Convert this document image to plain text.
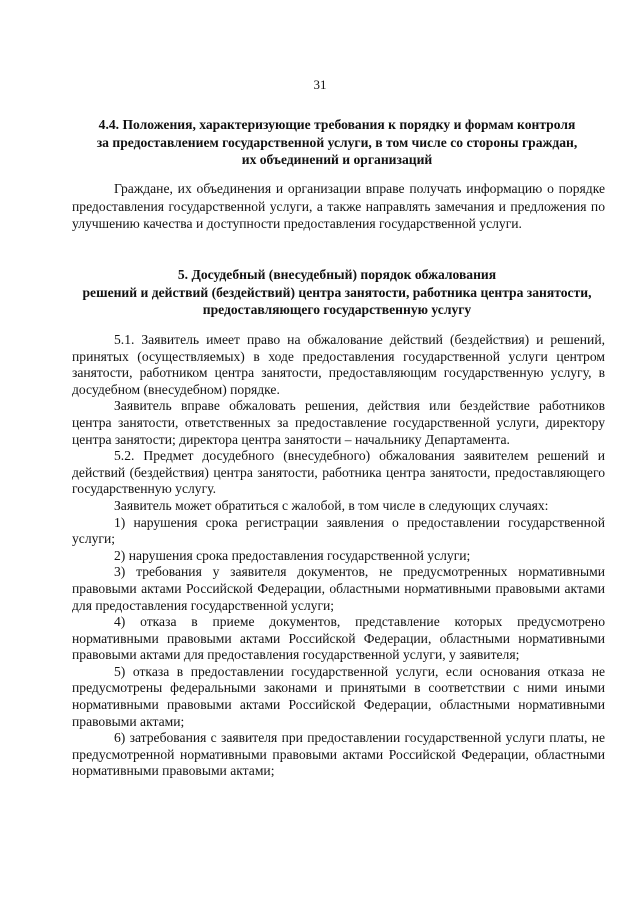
31

4.4. Положения, характеризующие требования к порядку и формам контроля

за предоставлением государственной услуги, в том числе со стороны граждан,

их объединений и организаций

Граждане, их объединения и организации вправе получать информацию о порядке предоставления государственной услуги, а также направлять замечания и предложения по улучшению качества и доступности предоставления государственной услуги.

5. Досудебный (внесудебный) порядок обжалования

решений и действий (бездействий) центра занятости, работника центра занятости,

предоставляющего государственную услугу

5.1. Заявитель имеет право на обжалование действий (бездействия) и решений, принятых (осуществляемых) в ходе предоставления государственной услуги центром занятости, работником центра занятости, предоставляющим государственную услугу, в досудебном (внесудебном) порядке.

Заявитель вправе обжаловать решения, действия или бездействие работников центра занятости, ответственных за предоставление государственной услуги, директору центра занятости; директора центра занятости – начальнику Департамента.

5.2. Предмет досудебного (внесудебного) обжалования заявителем решений и действий (бездействия) центра занятости, работника центра занятости, предоставляющего государственную услугу.

Заявитель может обратиться с жалобой, в том числе в следующих случаях:

1) нарушения срока регистрации заявления о предоставлении государственной услуги;

2) нарушения срока предоставления государственной услуги;

3) требования у заявителя документов, не предусмотренных нормативными правовыми актами Российской Федерации, областными нормативными правовыми актами для предоставления государственной услуги;

4) отказа в приеме документов, представление которых предусмотрено нормативными правовыми актами Российской Федерации, областными нормативными правовыми актами для предоставления государственной услуги, у заявителя;

5) отказа в предоставлении государственной услуги, если основания отказа не предусмотрены федеральными законами и принятыми в соответствии с ними иными нормативными правовыми актами Российской Федерации, областными нормативными правовыми актами;

6) затребования с заявителя при предоставлении государственной услуги платы, не предусмотренной нормативными правовыми актами Российской Федерации, областными нормативными правовыми актами;
